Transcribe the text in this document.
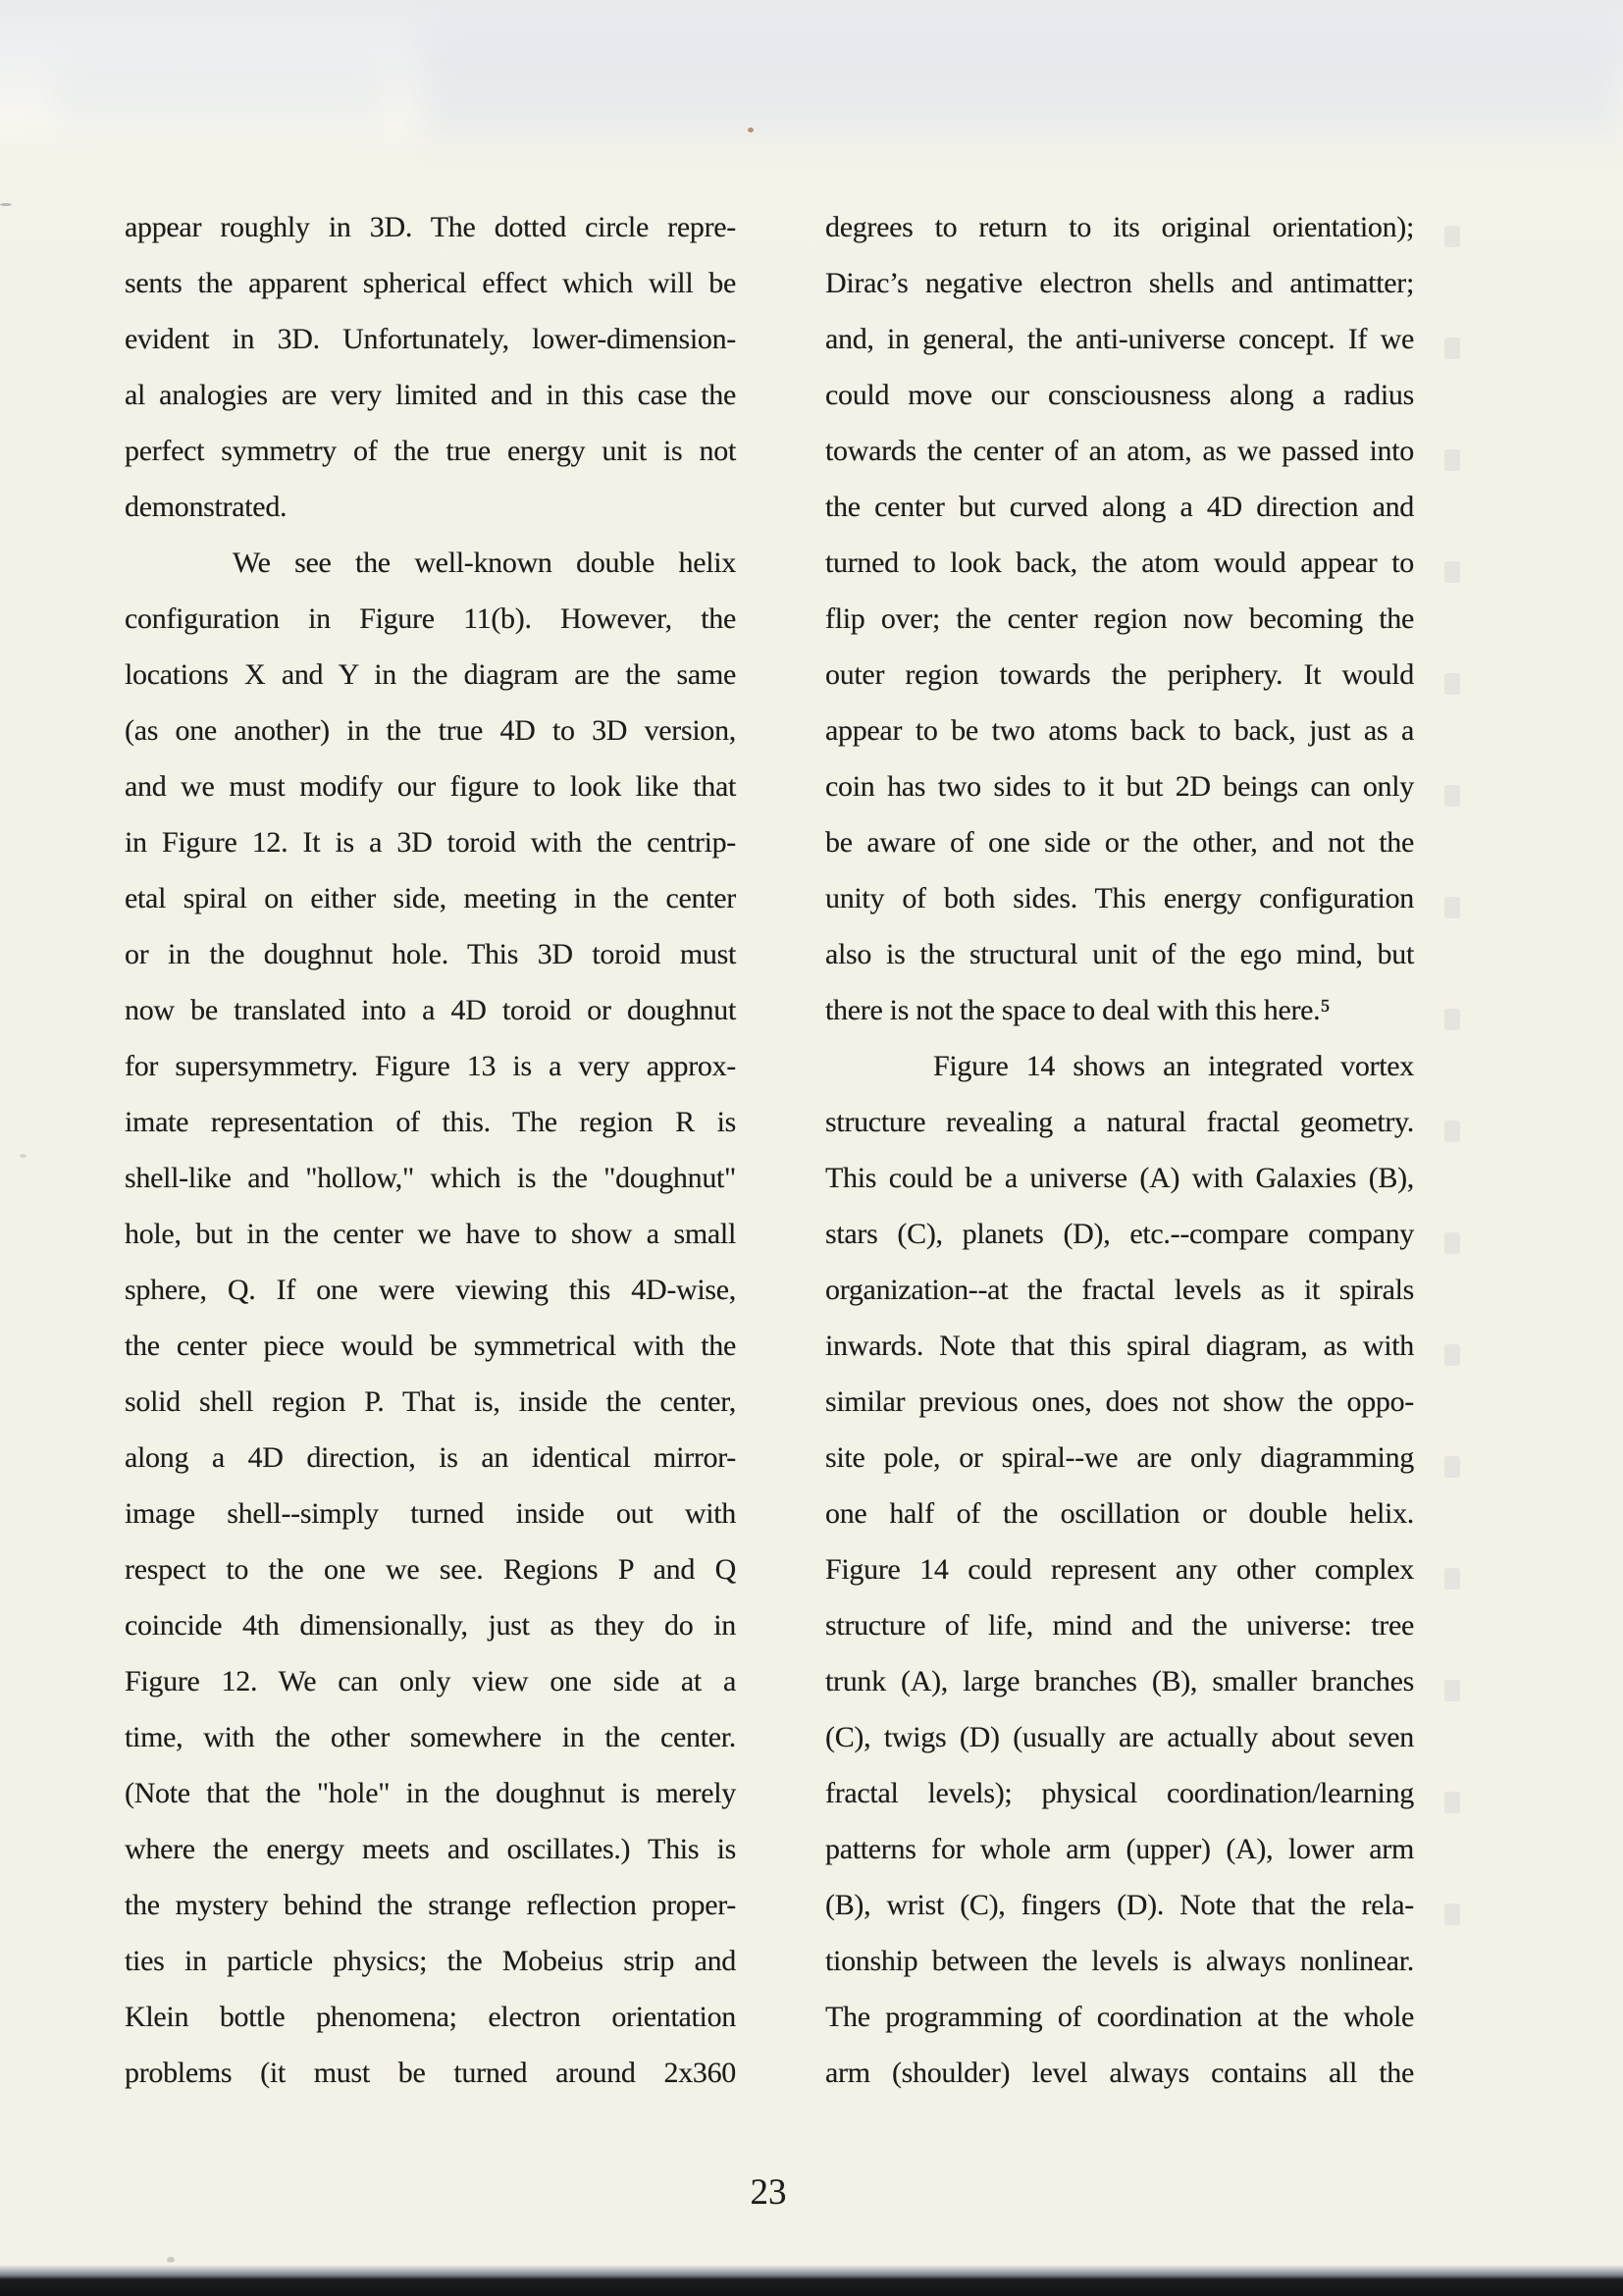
appear roughly in 3D. The dotted circle repre-
sents the apparent spherical effect which will be
evident in 3D. Unfortunately, lower-dimension-
al analogies are very limited and in this case the
perfect symmetry of the true energy unit is not
demonstrated.
We see the well-known double helix
configuration in Figure 11(b). However, the
locations X and Y in the diagram are the same
(as one another) in the true 4D to 3D version,
and we must modify our figure to look like that
in Figure 12. It is a 3D toroid with the centrip-
etal spiral on either side, meeting in the center
or in the doughnut hole. This 3D toroid must
now be translated into a 4D toroid or doughnut
for supersymmetry. Figure 13 is a very approx-
imate representation of this. The region R is
shell-like and "hollow," which is the "doughnut"
hole, but in the center we have to show a small
sphere, Q. If one were viewing this 4D-wise,
the center piece would be symmetrical with the
solid shell region P. That is, inside the center,
along a 4D direction, is an identical mirror-
image shell--simply turned inside out with
respect to the one we see. Regions P and Q
coincide 4th dimensionally, just as they do in
Figure 12. We can only view one side at a
time, with the other somewhere in the center.
(Note that the "hole" in the doughnut is merely
where the energy meets and oscillates.) This is
the mystery behind the strange reflection proper-
ties in particle physics; the Mobeius strip and
Klein bottle phenomena; electron orientation
problems (it must be turned around 2x360
degrees to return to its original orientation);
Dirac’s negative electron shells and antimatter;
and, in general, the anti-universe concept. If we
could move our consciousness along a radius
towards the center of an atom, as we passed into
the center but curved along a 4D direction and
turned to look back, the atom would appear to
flip over; the center region now becoming the
outer region towards the periphery. It would
appear to be two atoms back to back, just as a
coin has two sides to it but 2D beings can only
be aware of one side or the other, and not the
unity of both sides. This energy configuration
also is the structural unit of the ego mind, but
there is not the space to deal with this here.⁵
Figure 14 shows an integrated vortex
structure revealing a natural fractal geometry.
This could be a universe (A) with Galaxies (B),
stars (C), planets (D), etc.--compare company
organization--at the fractal levels as it spirals
inwards. Note that this spiral diagram, as with
similar previous ones, does not show the oppo-
site pole, or spiral--we are only diagramming
one half of the oscillation or double helix.
Figure 14 could represent any other complex
structure of life, mind and the universe: tree
trunk (A), large branches (B), smaller branches
(C), twigs (D) (usually are actually about seven
fractal levels); physical coordination/learning
patterns for whole arm (upper) (A), lower arm
(B), wrist (C), fingers (D). Note that the rela-
tionship between the levels is always nonlinear.
The programming of coordination at the whole
arm (shoulder) level always contains all the
23
